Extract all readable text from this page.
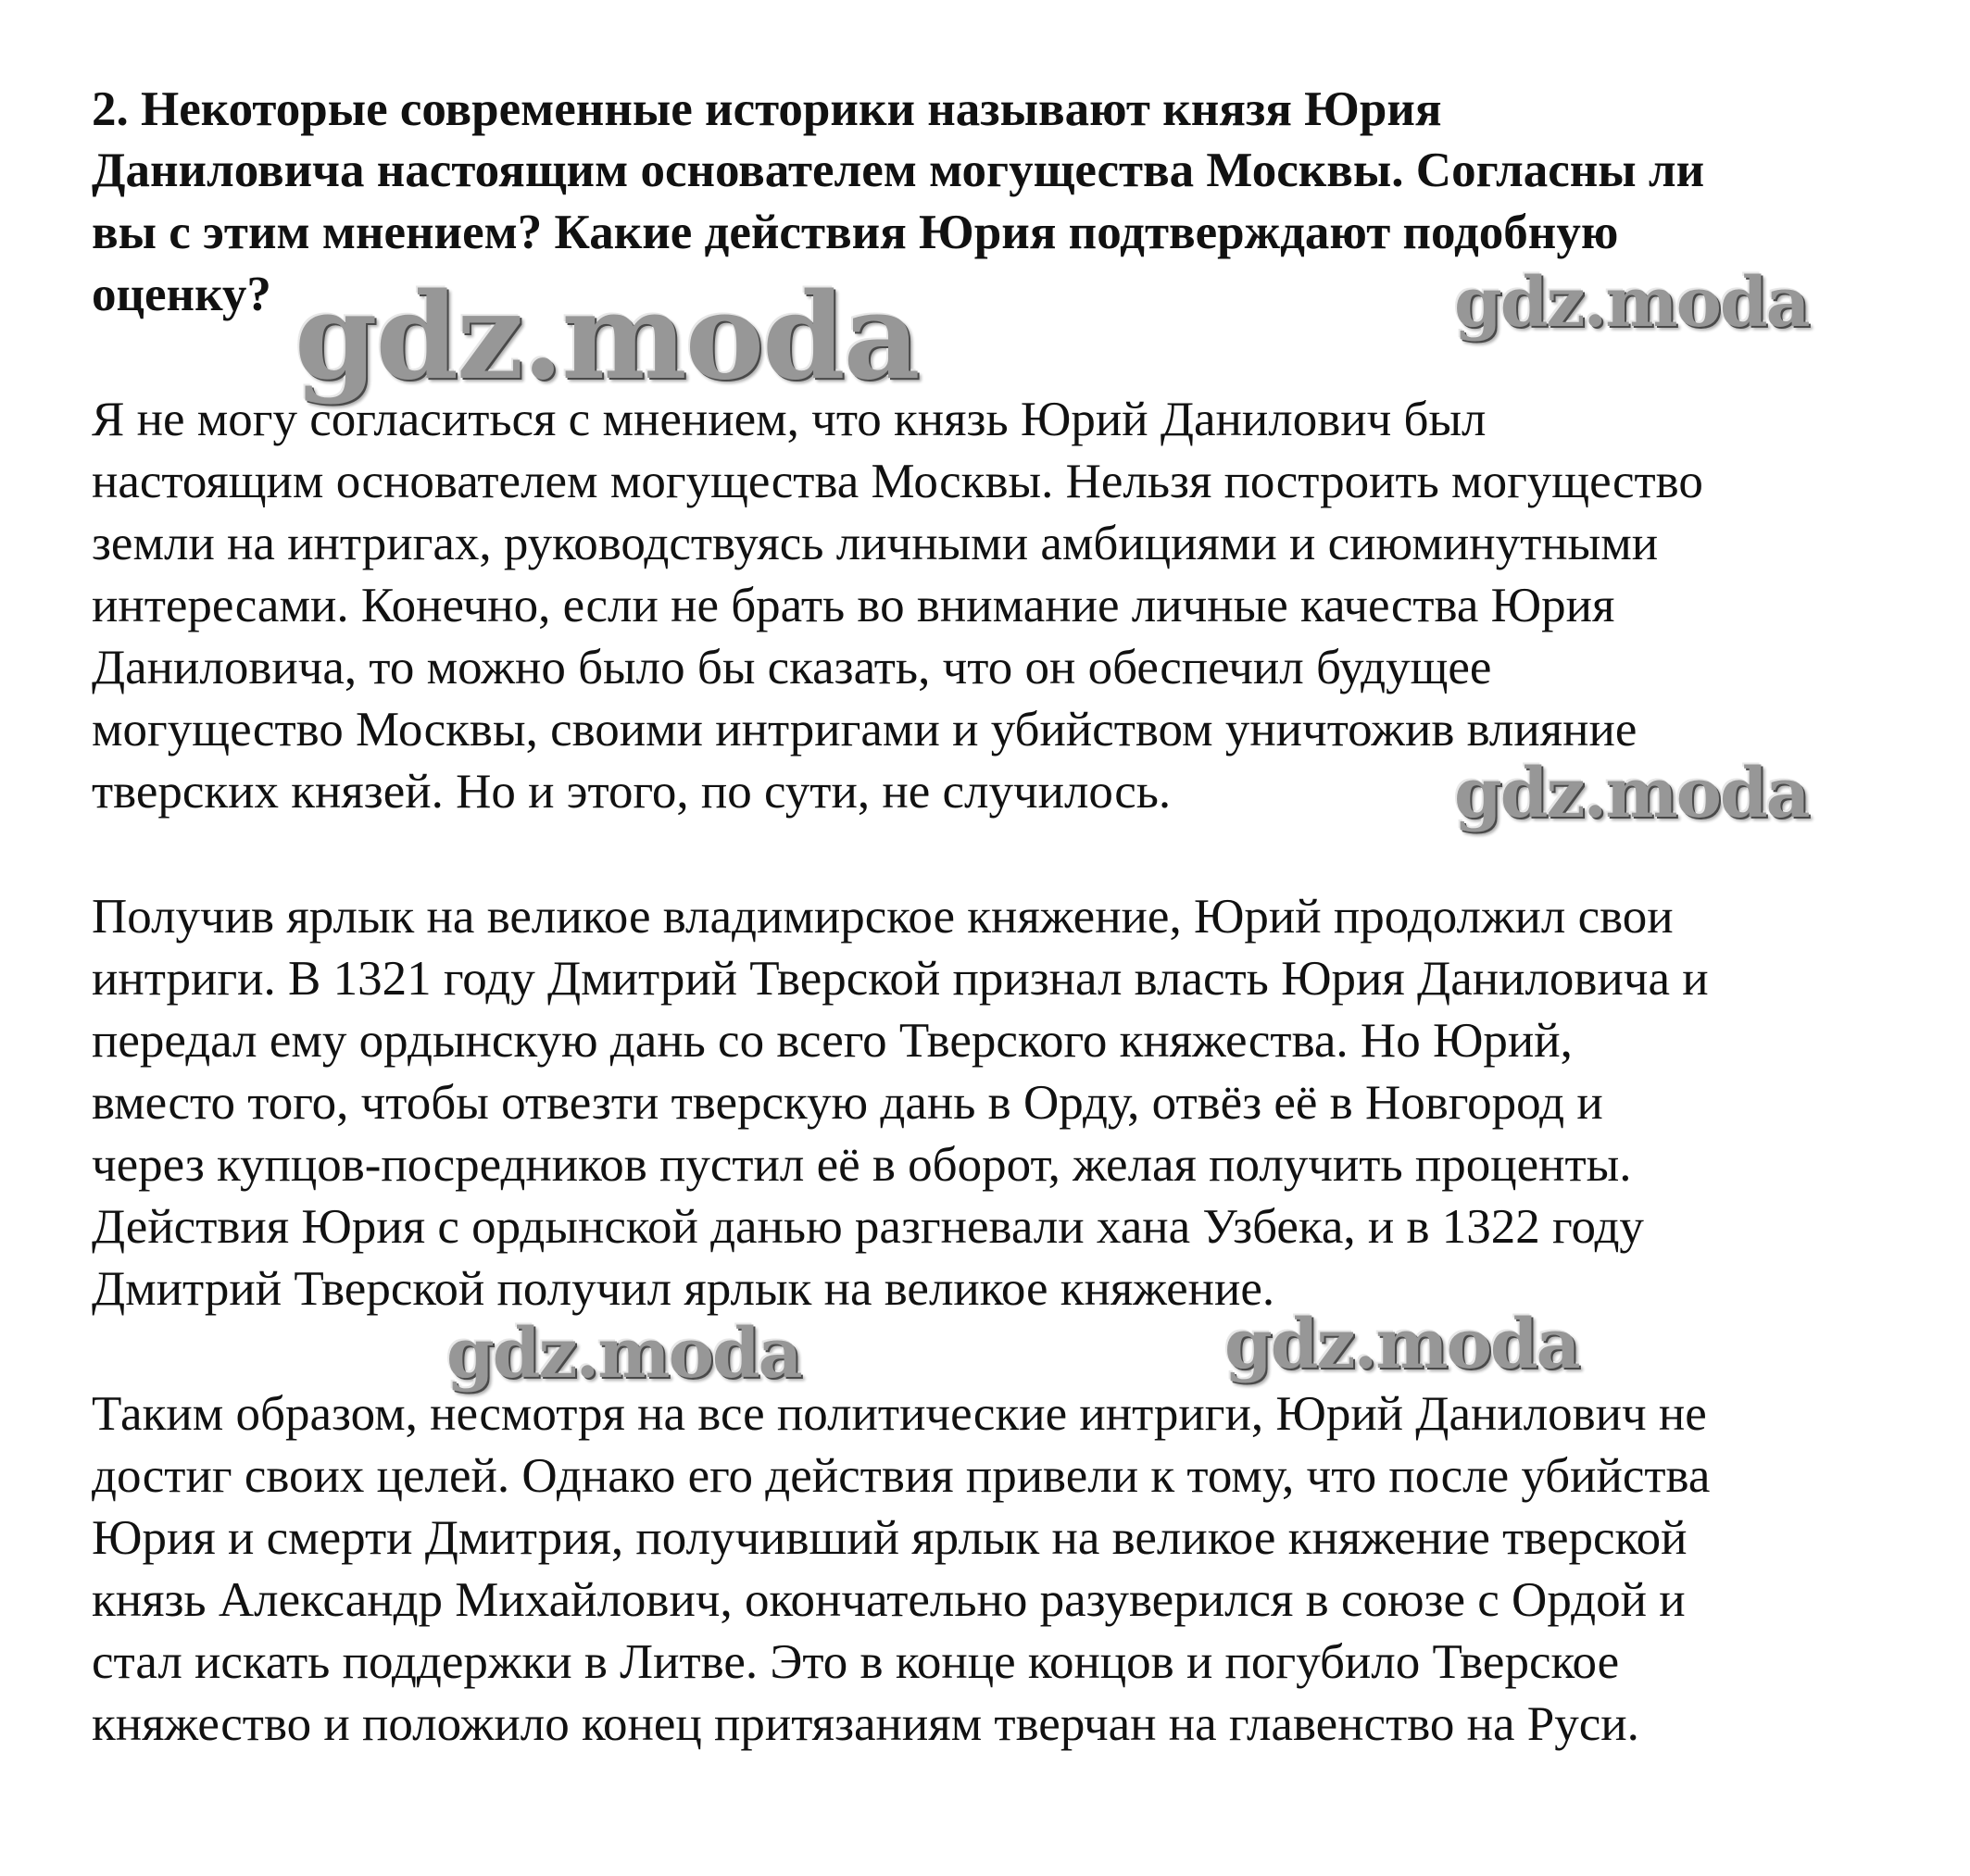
2. Некоторые современные историки называют князя Юрия
Даниловича настоящим основателем могущества Москвы. Согласны ли
вы с этим мнением? Какие действия Юрия подтверждают подобную
оценку?
Я не могу согласиться с мнением, что князь Юрий Данилович был
настоящим основателем могущества Москвы. Нельзя построить могущество
земли на интригах, руководствуясь личными амбициями и сиюминутными
интересами. Конечно, если не брать во внимание личные качества Юрия
Даниловича, то можно было бы сказать, что он обеспечил будущее
могущество Москвы, своими интригами и убийством уничтожив влияние
тверских князей. Но и этого, по сути, не случилось.
Получив ярлык на великое владимирское княжение, Юрий продолжил свои
интриги. В 1321 году Дмитрий Тверской признал власть Юрия Даниловича и
передал ему ордынскую дань со всего Тверского княжества. Но Юрий,
вместо того, чтобы отвезти тверскую дань в Орду, отвёз её в Новгород и
через купцов-посредников пустил её в оборот, желая получить проценты.
Действия Юрия с ордынской данью разгневали хана Узбека, и в 1322 году
Дмитрий Тверской получил ярлык на великое княжение.
Таким образом, несмотря на все политические интриги, Юрий Данилович не
достиг своих целей. Однако его действия привели к тому, что после убийства
Юрия и смерти Дмитрия, получивший ярлык на великое княжение тверской
князь Александр Михайлович, окончательно разуверился в союзе с Ордой и
стал искать поддержки в Литве. Это в конце концов и погубило Тверское
княжество и положило конец притязаниям тверчан на главенство на Руси.
gdz.moda	gdz.moda
gdz.moda
gdz.moda	gdz.moda
